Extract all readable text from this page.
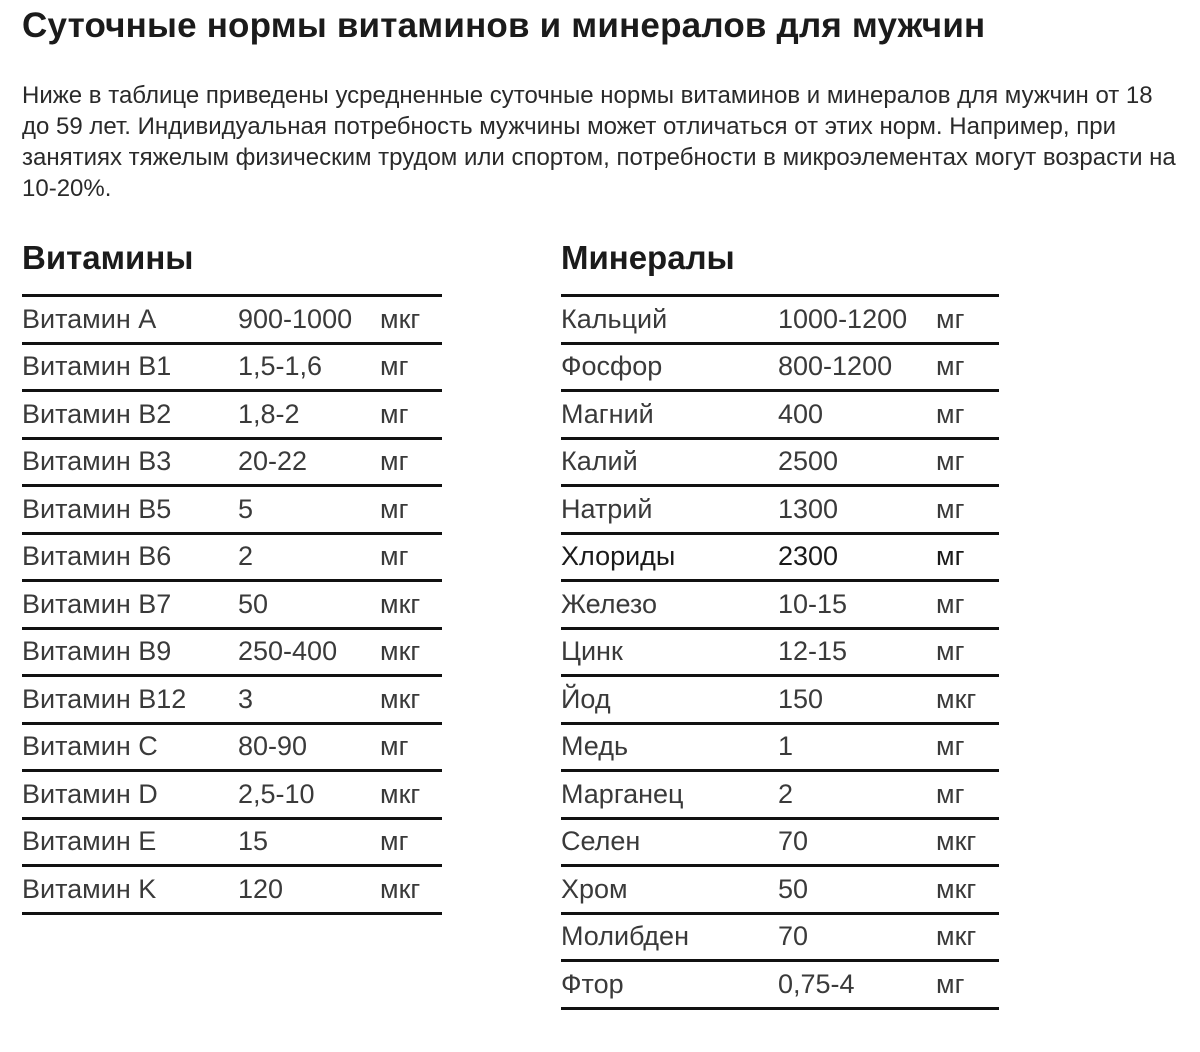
Суточные нормы витаминов и минералов для мужчин

Ниже в таблице приведены усредненные суточные нормы витаминов и минералов для мужчин от 18 до 59 лет. Индивидуальная потребность мужчины может отличаться от этих норм. Например, при занятиях тяжелым физическим трудом или спортом, потребности в микроэлементах могут возрасти на 10-20%.

Витамины
Витамин А	900-1000	мкг
Витамин B1	1,5-1,6	мг
Витамин B2	1,8-2	мг
Витамин B3	20-22	мг
Витамин B5	5	мг
Витамин B6	2	мг
Витамин B7	50	мкг
Витамин B9	250-400	мкг
Витамин B12	3	мкг
Витамин C	80-90	мг
Витамин D	2,5-10	мкг
Витамин E	15	мг
Витамин K	120	мкг
Минералы
Кальций	1000-1200	мг
Фосфор	800-1200	мг
Магний	400	мг
Калий	2500	мг
Натрий	1300	мг
Хлориды	2300	мг
Железо	10-15	мг
Цинк	12-15	мг
Йод	150	мкг
Медь	1	мг
Марганец	2	мг
Селен	70	мкг
Хром	50	мкг
Молибден	70	мкг
Фтор	0,75-4	мг
